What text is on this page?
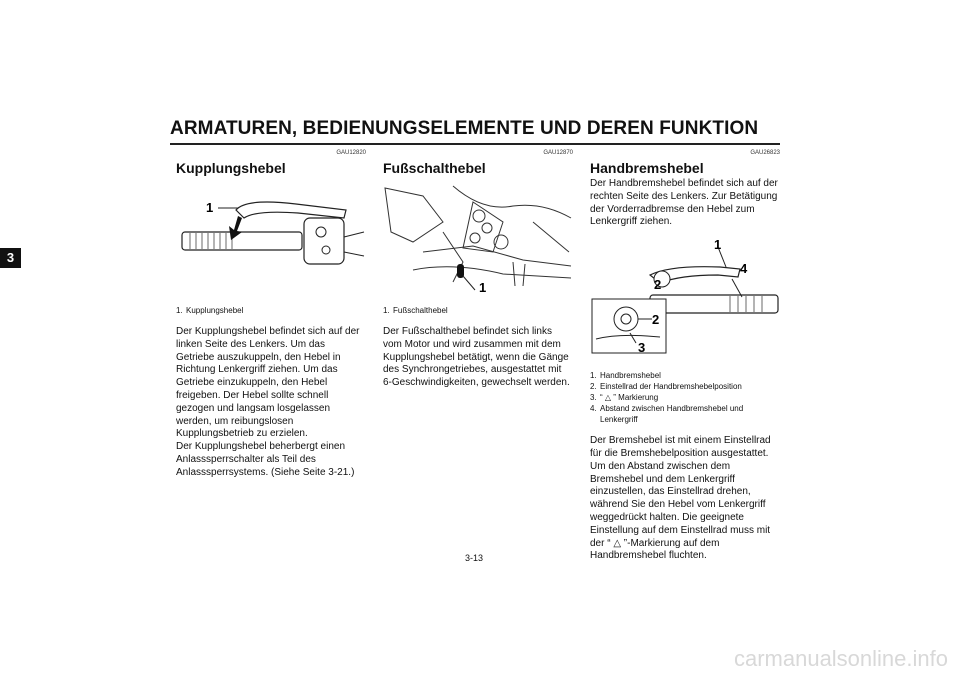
ARMATUREN, BEDIENUNGSELEMENTE UND DEREN FUNKTION
3
GAU12820
Kupplungshebel
1
1. Kupplungshebel

Der Kupplungshebel befindet sich auf der linken Seite des Lenkers. Um das Getriebe auszukuppeln, den Hebel in Richtung Lenkergriff ziehen. Um das Getriebe einzukuppeln, den Hebel freigeben. Der Hebel sollte schnell gezogen und langsam losgelassen werden, um reibungslosen Kupplungsbetrieb zu erzielen.

Der Kupplungshebel beherbergt einen Anlasssperrschalter als Teil des Anlasssperrsystems. (Siehe Seite 3-21.)

GAU12870
Fußschalthebel
1
1. Fußschalthebel

Der Fußschalthebel befindet sich links vom Motor und wird zusammen mit dem Kupplungshebel betätigt, wenn die Gänge des Synchrongetriebes, ausgestattet mit 6-Geschwindigkeiten, gewechselt werden.

GAU26823
Handbremshebel

Der Handbremshebel befindet sich auf der rechten Seite des Lenkers. Zur Betätigung der Vorderradbremse den Hebel zum Lenkergriff ziehen.

1
4
2
3
2
1. Handbremshebel
2. Einstellrad der Handbremshebelposition
3. “ △ ” Markierung
4. Abstand zwischen Handbremshebel und Lenkergriff

Der Bremshebel ist mit einem Einstellrad für die Bremshebelposition ausgestattet. Um den Abstand zwischen dem Bremshebel und dem Lenkergriff einzustellen, das Einstellrad drehen, während Sie den Hebel vom Lenkergriff weggedrückt halten. Die geeignete Einstellung auf dem Einstellrad muss mit der “ △ ”-Markierung auf dem Handbremshebel fluchten.

3-13
carmanualsonline.info
